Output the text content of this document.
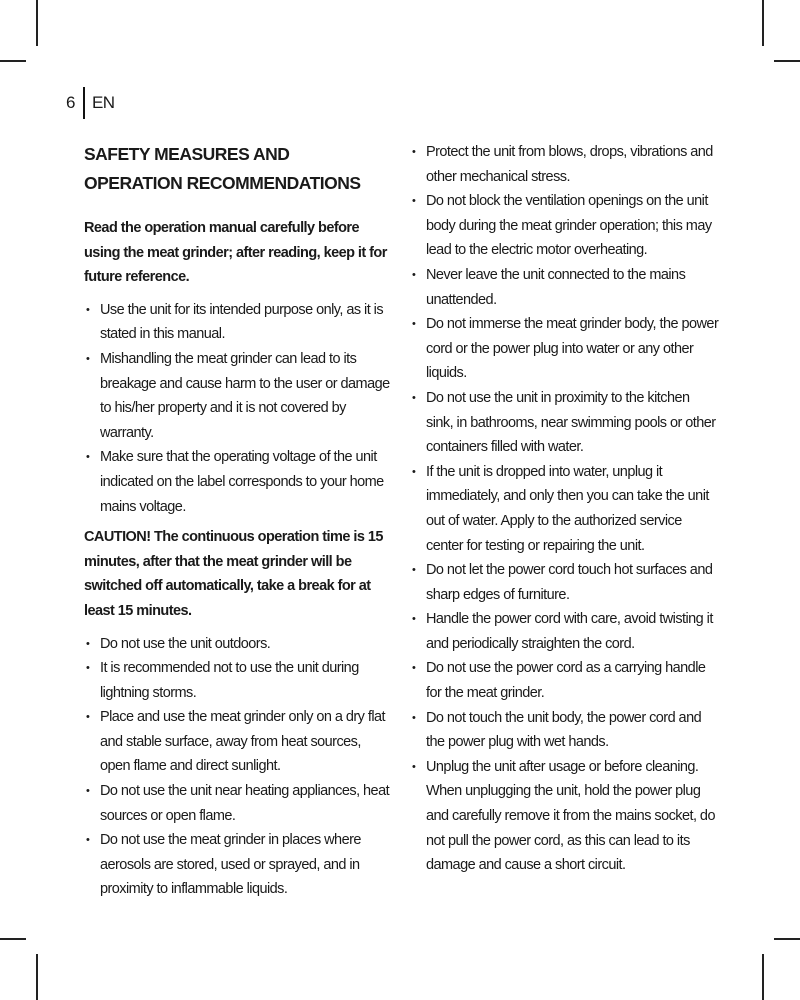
6 EN
SAFETY MEASURES AND OPERATION RECOMMENDATIONS

Read the operation manual carefully before using the meat grinder; after reading, keep it for future reference.

• Use the unit for its intended purpose only, as it is stated in this manual.
• Mishandling the meat grinder can lead to its breakage and cause harm to the user or damage to his/her property and it is not covered by warranty.
• Make sure that the operating voltage of the unit indicated on the label corresponds to your home mains voltage.

CAUTION! The continuous operation time is 15 minutes, after that the meat grinder will be switched off automatically, take a break for at least 15 minutes.

• Do not use the unit outdoors.
• It is recommended not to use the unit during lightning storms.
• Place and use the meat grinder only on a dry flat and stable surface, away from heat sources, open flame and direct sunlight.
• Do not use the unit near heating appliances, heat sources or open flame.
• Do not use the meat grinder in places where aerosols are stored, used or sprayed, and in proximity to inflammable liquids.
• Protect the unit from blows, drops, vibrations and other mechanical stress.
• Do not block the ventilation openings on the unit body during the meat grinder operation; this may lead to the electric motor overheating.
• Never leave the unit connected to the mains unattended.
• Do not immerse the meat grinder body, the power cord or the power plug into water or any other liquids.
• Do not use the unit in proximity to the kitchen sink, in bathrooms, near swimming pools or other containers filled with water.
• If the unit is dropped into water, unplug it immediately, and only then you can take the unit out of water. Apply to the authorized service center for testing or repairing the unit.
• Do not let the power cord touch hot surfaces and sharp edges of furniture.
• Handle the power cord with care, avoid twisting it and periodically straighten the cord.
• Do not use the power cord as a carrying handle for the meat grinder.
• Do not touch the unit body, the power cord and the power plug with wet hands.
• Unplug the unit after usage or before cleaning. When unplugging the unit, hold the power plug and carefully remove it from the mains socket, do not pull the power cord, as this can lead to its damage and cause a short circuit.
